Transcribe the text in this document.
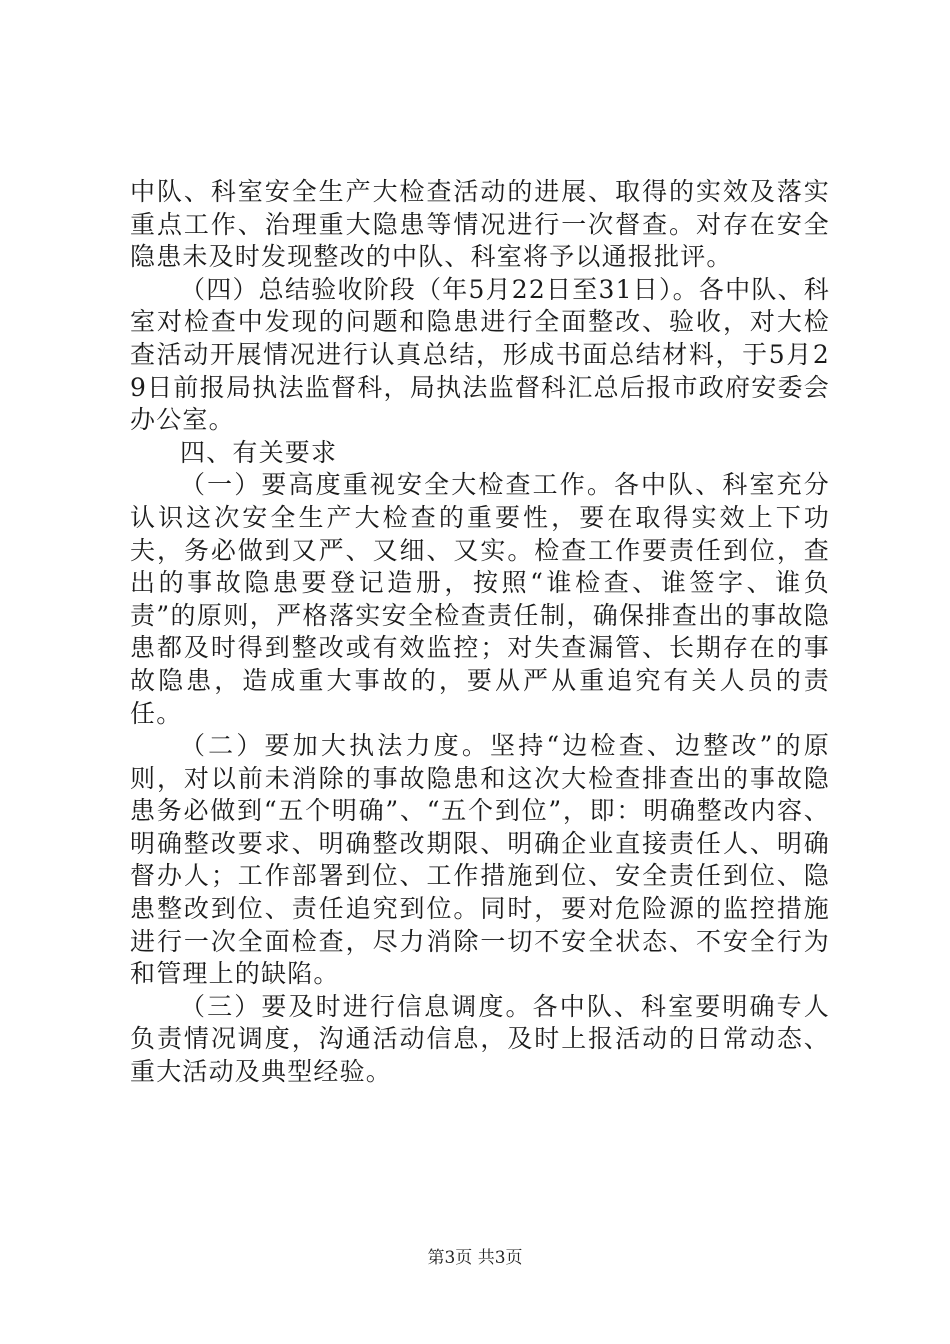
中队、科室安全生产大检查活动的进展、取得的实效及落实重点工作、治理重大隐患等情况进行一次督查。对存在安全隐患未及时发现整改的中队、科室将予以通报批评。

（四）总结验收阶段（年5月22日至31日）。各中队、科室对检查中发现的问题和隐患进行全面整改、验收，对大检查活动开展情况进行认真总结，形成书面总结材料，于5月29日前报局执法监督科，局执法监督科汇总后报市政府安委会办公室。

四、有关要求

（一）要高度重视安全大检查工作。各中队、科室充分认识这次安全生产大检查的重要性，要在取得实效上下功夫，务必做到又严、又细、又实。检查工作要责任到位，查出的事故隐患要登记造册，按照“谁检查、谁签字、谁负责”的原则，严格落实安全检查责任制，确保排查出的事故隐患都及时得到整改或有效监控；对失查漏管、长期存在的事故隐患，造成重大事故的，要从严从重追究有关人员的责任。

（二）要加大执法力度。坚持“边检查、边整改”的原则，对以前未消除的事故隐患和这次大检查排查出的事故隐患务必做到“五个明确”、“五个到位”，即：明确整改内容、明确整改要求、明确整改期限、明确企业直接责任人、明确督办人；工作部署到位、工作措施到位、安全责任到位、隐患整改到位、责任追究到位。同时，要对危险源的监控措施进行一次全面检查，尽力消除一切不安全状态、不安全行为和管理上的缺陷。

（三）要及时进行信息调度。各中队、科室要明确专人负责情况调度，沟通活动信息，及时上报活动的日常动态、重大活动及典型经验。

第3页 共3页
